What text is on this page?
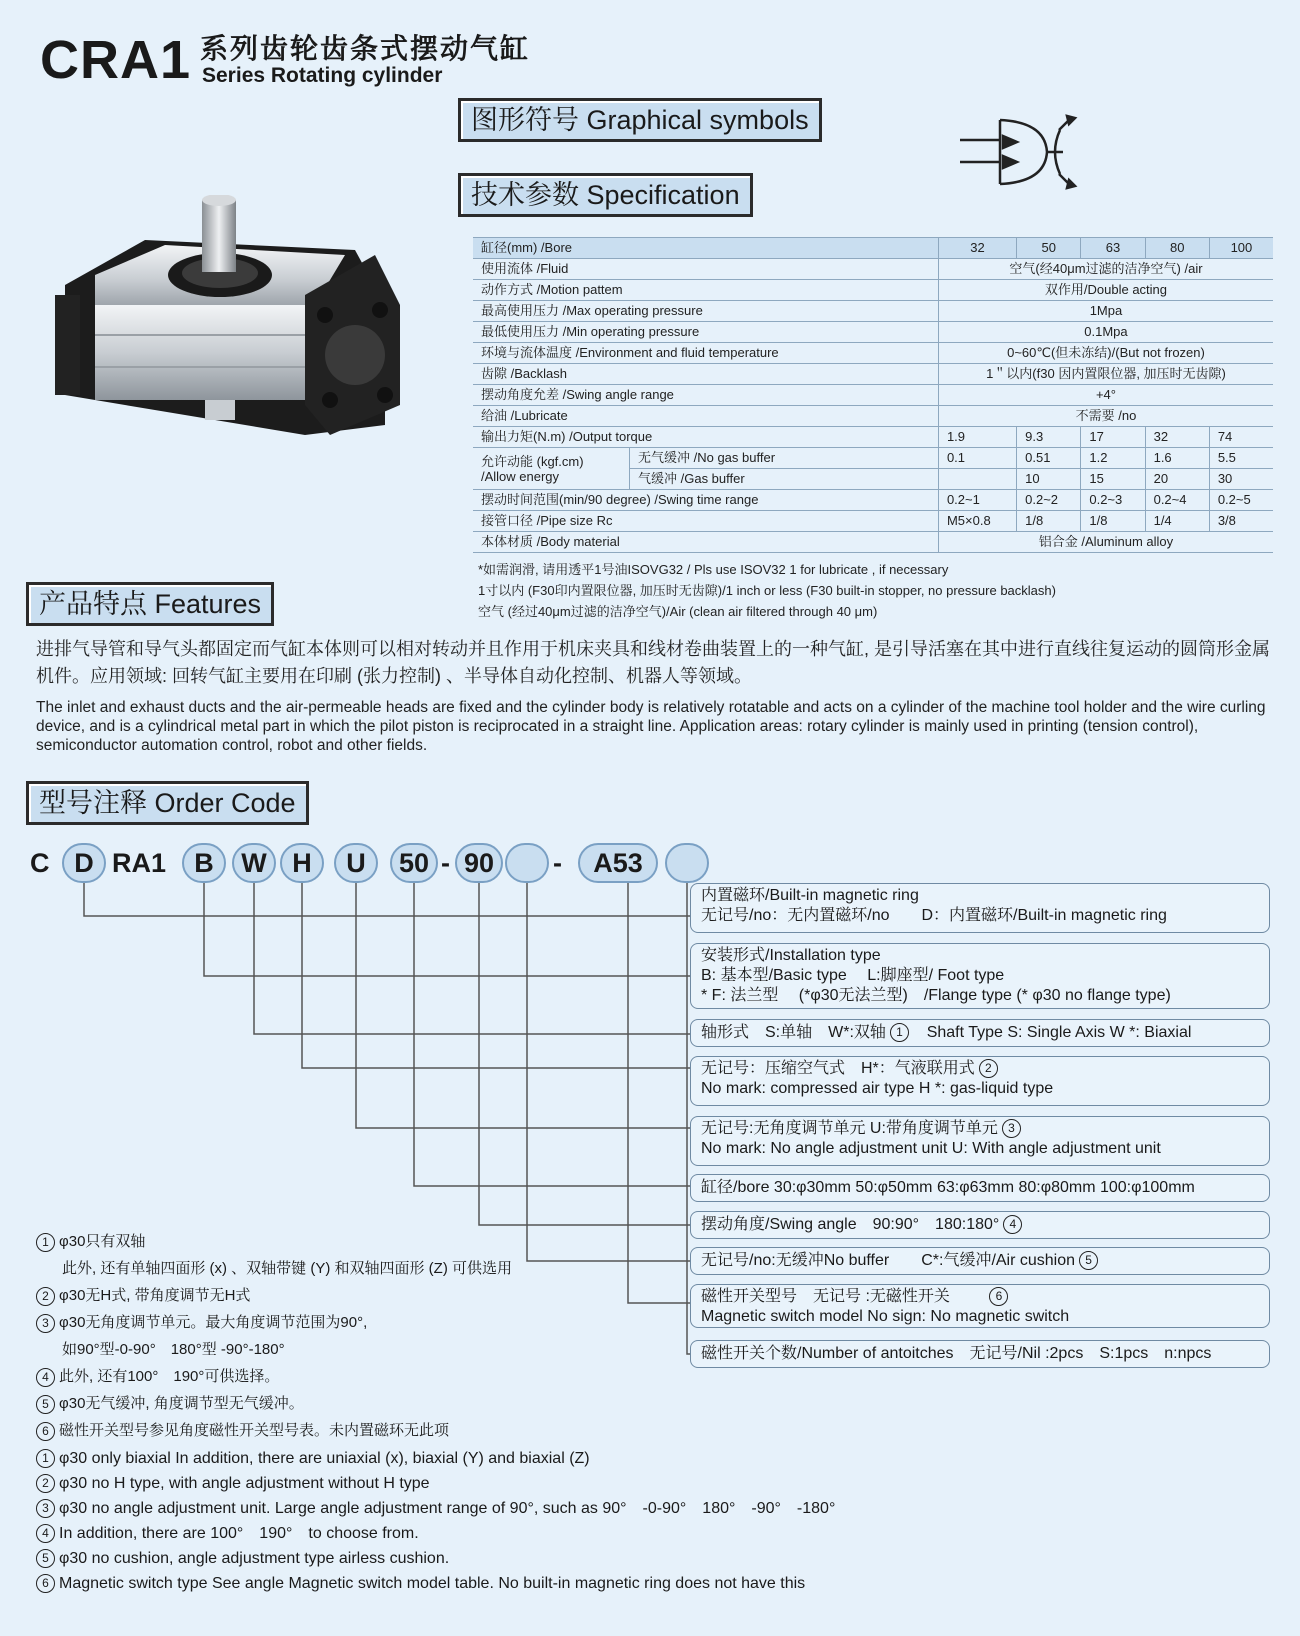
CRA1 系列齿轮齿条式摆动气缸
Series Rotating cylinder
图形符号 Graphical symbols
技术参数 Specification
产品特点 Features
型号注释 Order Code
缸径(mm) /Bore		32	50	63	80	100
使用流体 /Fluid		空气(经40μm过滤的洁净空气) /air				
动作方式 /Motion pattem		双作用/Double acting				
最高使用压力 /Max operating pressure		1Mpa				
最低使用压力 /Min operating pressure		0.1Mpa				
环境与流体温度 /Environment and fluid temperature		0~60℃(但未冻结)/(But not frozen)				
齿隙 /Backlash		1＂以内(f30 因内置限位器, 加压时无齿隙)				
摆动角度允差 /Swing angle range		+4°				
给油 /Lubricate		不需要 /no				
输出力矩(N.m) /Output torque		1.9	9.3	17	32	74

允许动能 (kgf.cm)
/Allow energy	无气缓冲 /No gas buffer	0.1	0.51	1.2	1.6	5.5
	气缓冲 /Gas buffer		10	15	20	30
摆动时间范围(min/90 degree) /Swing time range		0.2~1	0.2~2	0.2~3	0.2~4	0.2~5
接管口径 /Pipe size Rc		M5×0.8	1/8	1/8	1/4	3/8
本体材质 /Body material		铝合金 /Aluminum alloy				
*如需润滑, 请用透平1号油ISOVG32 / Pls use ISOV32 1 for lubricate , if necessary
1寸以内 (F30印内置限位器, 加压时无齿隙)/1 inch or less (F30 built-in stopper, no pressure backlash)
空气 (经过40μm过滤的洁净空气)/Air (clean air filtered through 40 μm)
进排气导管和导气头都固定而气缸本体则可以相对转动并且作用于机床夹具和线材卷曲装置上的一种气缸, 是引导活塞在其中进行直线往复运动的圆筒形金属机件。应用领域: 回转气缸主要用在印刷 (张力控制) 、半导体自动化控制、机器人等领域。
The inlet and exhaust ducts and the air-permeable heads are fixed and the cylinder body is relatively rotatable and acts on a cylinder of the machine tool holder and the wire curling device, and is a cylindrical metal part in which the pilot piston is reciprocated in a straight line. Application areas: rotary cylinder is mainly used in printing (tension control), semiconductor automation control, robot and other fields.
C D RA1	B	W H	U	50 - 90	-	A53
内置磁环/Built-in magnetic ring
无记号/no：无内置磁环/no　　D：内置磁环/Built-in magnetic ring
安装形式/Installation type
B: 基本型/Basic type　 L:脚座型/ Foot type
* F: 法兰型　 (*φ30无法兰型)　/Flange type (* φ30 no flange type)
轴形式　S:单轴　W*:双轴 1 Shaft Type S: Single Axis W *: Biaxial
无记号：压缩空气式　H*：气液联用式 2
No mark: compressed air type H *: gas-liquid type
无记号:无角度调节单元 U:带角度调节单元 3
No mark: No angle adjustment unit U: With angle adjustment unit
缸径/bore 30:φ30mm 50:φ50mm 63:φ63mm 80:φ80mm 100:φ100mm
摆动角度/Swing angle　90:90°　180:180° 4
无记号/no:无缓冲No buffer　　C*:气缓冲/Air cushion 5
磁性开关型号　无记号 :无磁性开关	6
Magnetic switch model No sign: No magnetic switch
磁性开关个数/Number of antoitches　无记号/Nil :2pcs　S:1pcs　n:npcs
1 φ30只有双轴
此外, 还有单轴四面形 (x) 、双轴带键 (Y) 和双轴四面形 (Z) 可供选用
2 φ30无H式, 带角度调节无H式
3 φ30无角度调节单元。最大角度调节范围为90°,
如90°型-0-90°　180°型 -90°-180°
4 此外, 还有100°　190°可供选择。
5 φ30无气缓冲, 角度调节型无气缓冲。
6 磁性开关型号参见角度磁性开关型号表。未内置磁环无此项
1 φ30 only biaxial In addition, there are uniaxial (x), biaxial (Y) and biaxial (Z)
2 φ30 no H type, with angle adjustment without H type
3 φ30 no angle adjustment unit. Large angle adjustment range of 90°, such as 90°　-0-90°　180°　-90°　-180°
4 In addition, there are 100°　190°　to choose from.
5 φ30 no cushion, angle adjustment type airless cushion.
6 Magnetic switch type See angle Magnetic switch model table. No built-in magnetic ring does not have this
